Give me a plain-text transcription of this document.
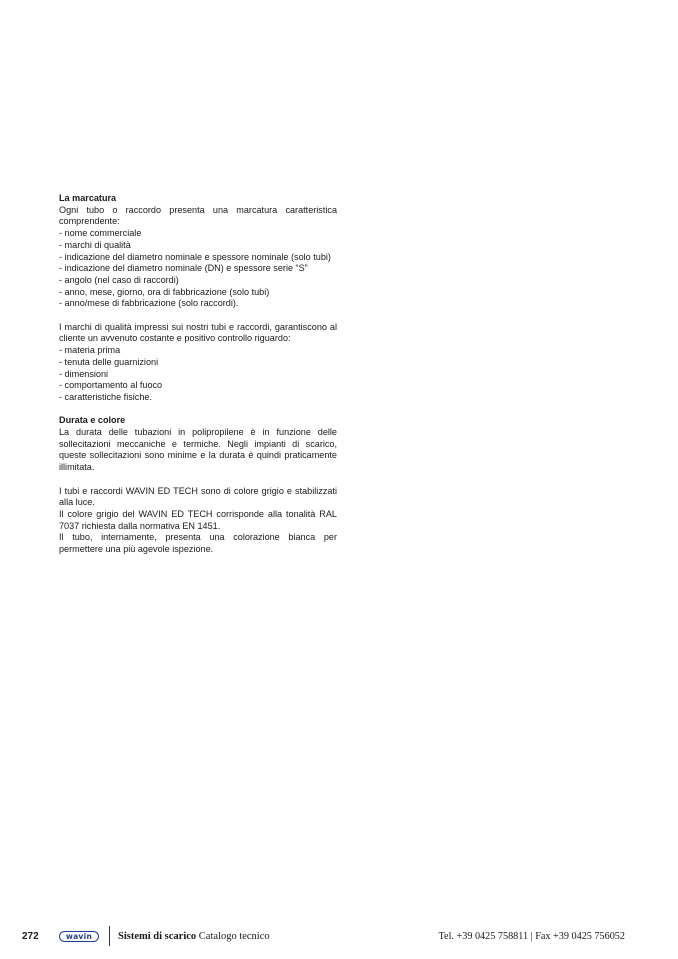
La marcatura

Ogni tubo o raccordo presenta una marcatura caratteristica comprendente:

- nome commerciale
- marchi di qualità
- indicazione del diametro nominale e spessore nominale (solo tubi)
- indicazione del diametro nominale (DN) e spessore serie “S”
- angolo (nel caso di raccordi)
- anno, mese, giorno, ora di fabbricazione (solo tubi)
- anno/mese di fabbricazione (solo raccordi).

I marchi di qualità impressi sui nostri tubi e raccordi, garantiscono al cliente un avvenuto costante e positivo controllo riguardo:

- materia prima
- tenuta delle guarnizioni
- dimensioni
- comportamento al fuoco
- caratteristiche fisiche.

Durata e colore

La durata delle tubazioni in polipropilene è in funzione delle sollecitazioni meccaniche e termiche. Negli impianti di scarico, queste sollecitazioni sono minime e la durata è quindi praticamente illimitata.

I tubi e raccordi WAVIN ED TECH sono di colore grigio e stabilizzati alla luce.

Il colore grigio del WAVIN ED TECH corrisponde alla tonalità RAL 7037 richiesta dalla normativa EN 1451.

Il tubo, internamente, presenta una colorazione bianca per permettere una più agevole ispezione.

272	wavin Sistemi di scarico Catalogo tecnico	Tel. +39 0425 758811 | Fax +39 0425 756052
